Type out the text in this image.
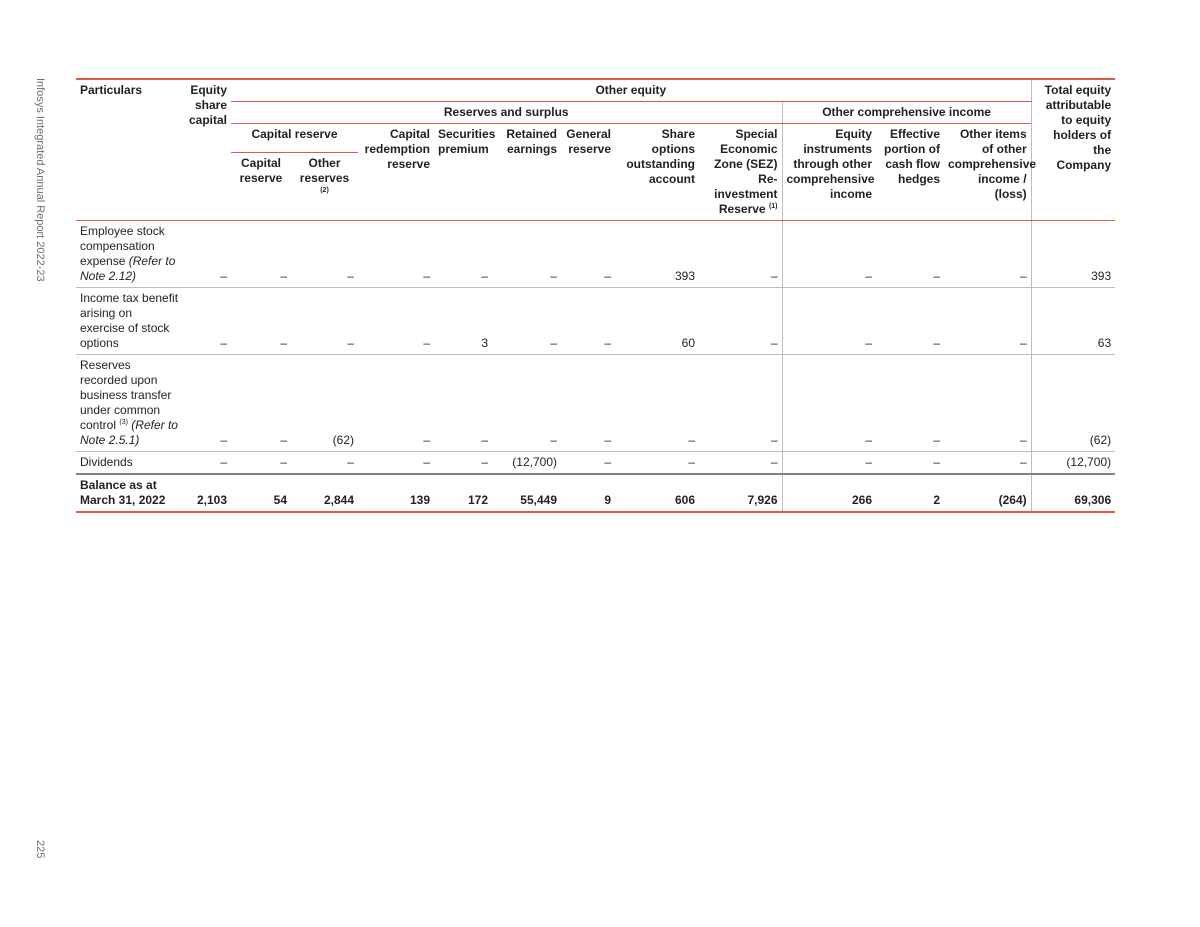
Infosys Integrated Annual Report 2022-23
225
Particulars	Equity share capital	Other equity											Total equity attributable to equity holders of the Company
		Reserves and surplus								Other comprehensive income			
		Capital reserve		Capital redemption reserve	Securities premium	Retained earnings	General reserve	Share options outstanding account	Special Economic Zone (SEZ) Re-investment Reserve $^{(1)}$	Equity instruments through other comprehensive income	Effective portion of cash flow hedges	Other items of other comprehensive income / (loss)	
		Capital reserve	Other reserves $^{(2)}$
Employee stock compensation expense (Refer to Note 2.12)	–	–	–	–	–	–	–	393	–	–	–	–	393
Income tax benefit arising on exercise of stock options	–	–	–	–	3	–	–	60	–	–	–	–	63
Reserves recorded upon business transfer under common control $^{(3)}$ (Refer to Note 2.5.1)	–	–	(62)	–	–	–	–	–	–	–	–	–	(62)
Dividends	–	–	–	–	–	(12,700)	–	–	–	–	–	–	(12,700)
Balance as at March 31, 2022	2,103	54	2,844	139	172	55,449	9	606	7,926	266	2	(264)	69,306
